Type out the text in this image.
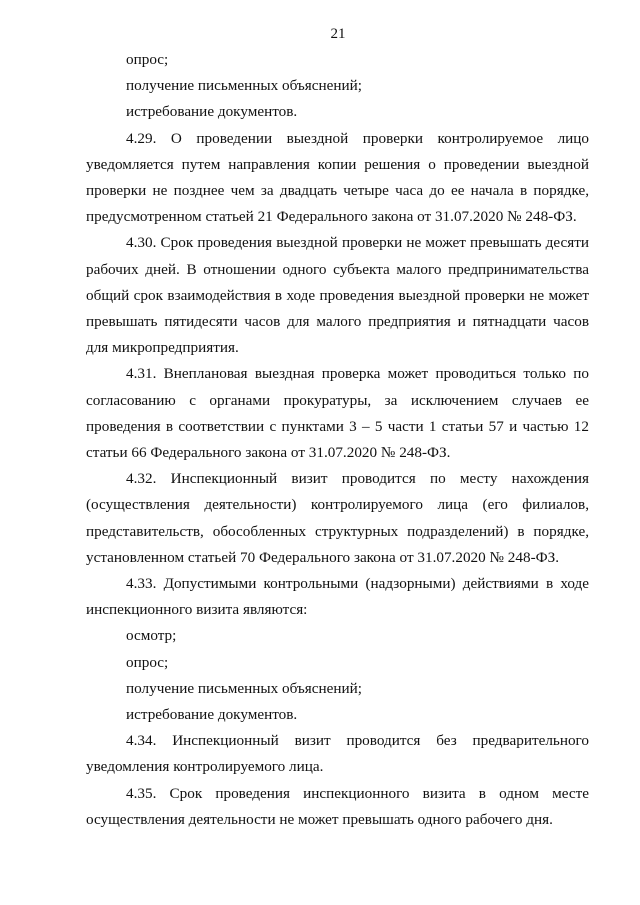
21

опрос;

получение письменных объяснений;

истребование документов.

4.29. О проведении выездной проверки контролируемое лицо уведомляется путем направления копии решения о проведении выездной проверки не позднее чем за двадцать четыре часа до ее начала в порядке, предусмотренном статьей 21 Федерального закона от 31.07.2020 № 248-ФЗ.

4.30. Срок проведения выездной проверки не может превышать десяти рабочих дней. В отношении одного субъекта малого предпринимательства общий срок взаимодействия в ходе проведения выездной проверки не может превышать пятидесяти часов для малого предприятия и пятнадцати часов для микропредприятия.

4.31. Внеплановая выездная проверка может проводиться только по согласованию с органами прокуратуры, за исключением случаев ее проведения в соответствии с пунктами 3 – 5 части 1 статьи 57 и частью 12 статьи 66 Федерального закона от 31.07.2020 № 248-ФЗ.

4.32. Инспекционный визит проводится по месту нахождения (осуществления деятельности) контролируемого лица (его филиалов, представительств, обособленных структурных подразделений) в порядке, установленном статьей 70 Федерального закона от 31.07.2020 № 248-ФЗ.

4.33. Допустимыми контрольными (надзорными) действиями в ходе инспекционного визита являются:

осмотр;

опрос;

получение письменных объяснений;

истребование документов.

4.34. Инспекционный визит проводится без предварительного уведомления контролируемого лица.

4.35. Срок проведения инспекционного визита в одном месте осуществления деятельности не может превышать одного рабочего дня.
